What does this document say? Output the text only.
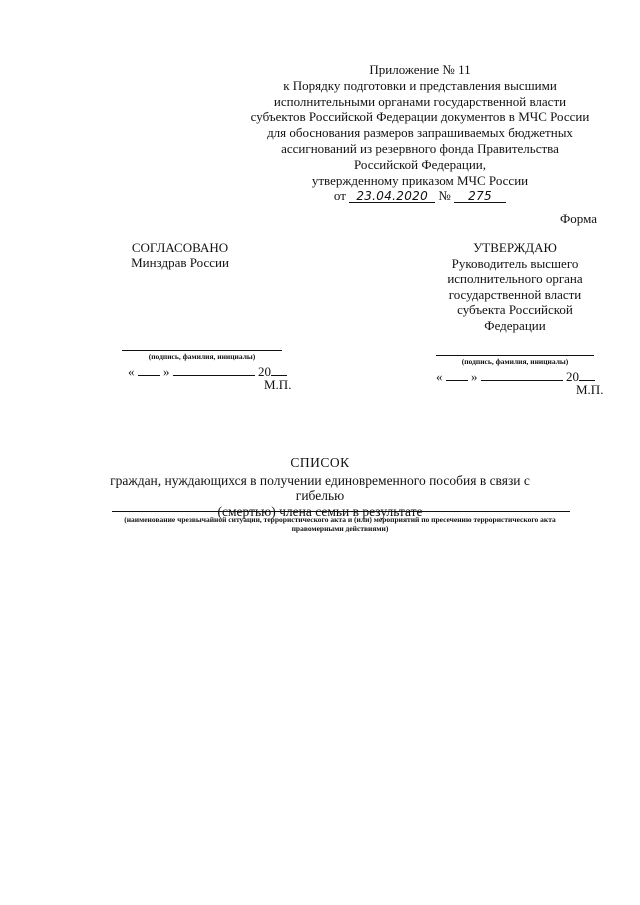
Приложение № 11
к Порядку подготовки и представления высшими
исполнительными органами государственной власти
субъектов Российской Федерации документов в МЧС России
для обоснования размеров запрашиваемых бюджетных
ассигнований из резервного фонда Правительства
Российской Федерации,
утвержденному приказом МЧС России
от 23.04.2020 № 275
Форма
СОГЛАСОВАНО
Минздрав России
(подпись, фамилия, инициалы)
« »	20
М.П.
УТВЕРЖДАЮ
Руководитель высшего
исполнительного органа
государственной власти
субъекта Российской
Федерации
(подпись, фамилия, инициалы)
« »	20
М.П.
СПИСОК
граждан, нуждающихся в получении единовременного пособия в связи с гибелью
(смертью) члена семьи в результате
(наименование чрезвычайной ситуации, террористического акта и (или) мероприятий по пресечению террористического акта
правомерными действиями)
